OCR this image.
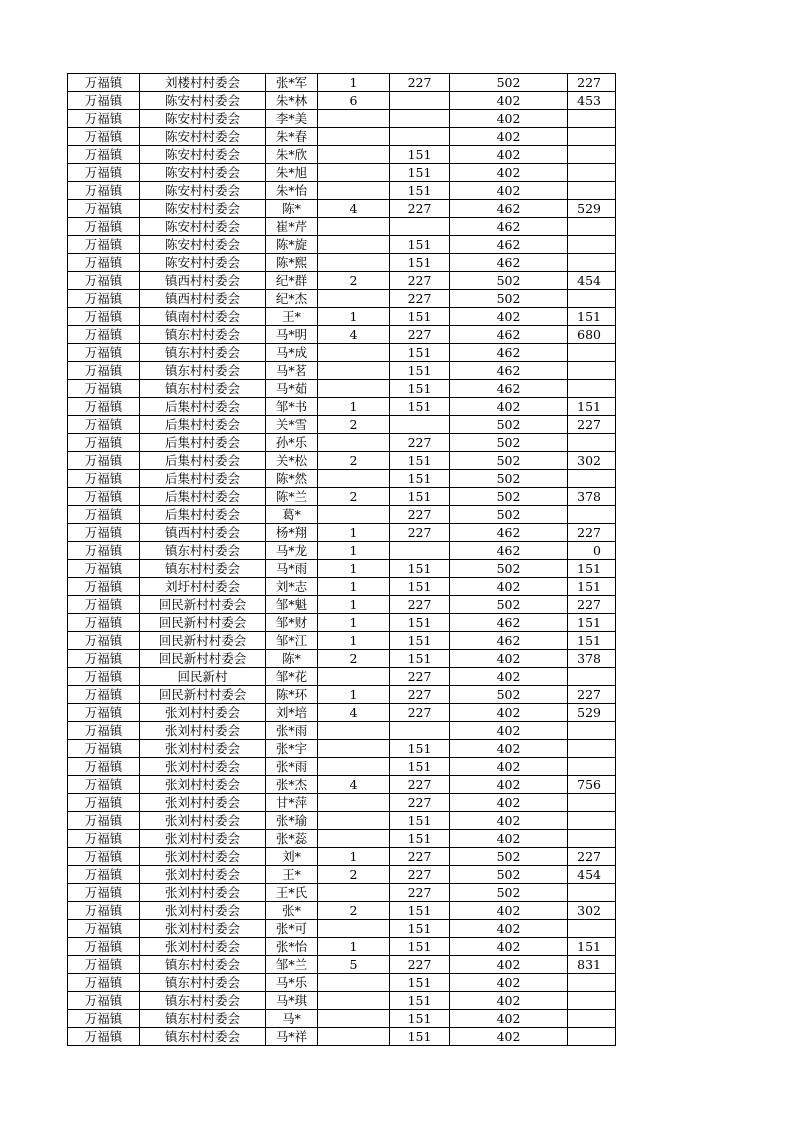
万福镇	刘楼村村委会	张*军	1	227	502	227
万福镇	陈安村村委会	朱*林	6		402	453
万福镇	陈安村村委会	李*美			402	
万福镇	陈安村村委会	朱*春			402	
万福镇	陈安村村委会	朱*欣		151	402	
万福镇	陈安村村委会	朱*旭		151	402	
万福镇	陈安村村委会	朱*怡		151	402	
万福镇	陈安村村委会	陈*	4	227	462	529
万福镇	陈安村村委会	崔*芹			462	
万福镇	陈安村村委会	陈*旋		151	462	
万福镇	陈安村村委会	陈*熙		151	462	
万福镇	镇西村村委会	纪*群	2	227	502	454
万福镇	镇西村村委会	纪*杰		227	502	
万福镇	镇南村村委会	王*	1	151	402	151
万福镇	镇东村村委会	马*明	4	227	462	680
万福镇	镇东村村委会	马*成		151	462	
万福镇	镇东村村委会	马*茗		151	462	
万福镇	镇东村村委会	马*茹		151	462	
万福镇	后集村村委会	邹*书	1	151	402	151
万福镇	后集村村委会	关*雪	2		502	227
万福镇	后集村村委会	孙*乐		227	502	
万福镇	后集村村委会	关*松	2	151	502	302
万福镇	后集村村委会	陈*然		151	502	
万福镇	后集村村委会	陈*兰	2	151	502	378
万福镇	后集村村委会	葛*		227	502	
万福镇	镇西村村委会	杨*翔	1	227	462	227
万福镇	镇东村村委会	马*龙	1		462	0
万福镇	镇东村村委会	马*雨	1	151	502	151
万福镇	刘圩村村委会	刘*志	1	151	402	151
万福镇	回民新村村委会	邹*魁	1	227	502	227
万福镇	回民新村村委会	邹*财	1	151	462	151
万福镇	回民新村村委会	邹*江	1	151	462	151
万福镇	回民新村村委会	陈*	2	151	402	378
万福镇	回民新村	邹*花		227	402	
万福镇	回民新村村委会	陈*环	1	227	502	227
万福镇	张刘村村委会	刘*培	4	227	402	529
万福镇	张刘村村委会	张*雨			402	
万福镇	张刘村村委会	张*宇		151	402	
万福镇	张刘村村委会	张*雨		151	402	
万福镇	张刘村村委会	张*杰	4	227	402	756
万福镇	张刘村村委会	甘*萍		227	402	
万福镇	张刘村村委会	张*瑜		151	402	
万福镇	张刘村村委会	张*蕊		151	402	
万福镇	张刘村村委会	刘*	1	227	502	227
万福镇	张刘村村委会	王*	2	227	502	454
万福镇	张刘村村委会	王*氏		227	502	
万福镇	张刘村村委会	张*	2	151	402	302
万福镇	张刘村村委会	张*可		151	402	
万福镇	张刘村村委会	张*怡	1	151	402	151
万福镇	镇东村村委会	邹*兰	5	227	402	831
万福镇	镇东村村委会	马*乐		151	402	
万福镇	镇东村村委会	马*琪		151	402	
万福镇	镇东村村委会	马*		151	402	
万福镇	镇东村村委会	马*祥		151	402	
